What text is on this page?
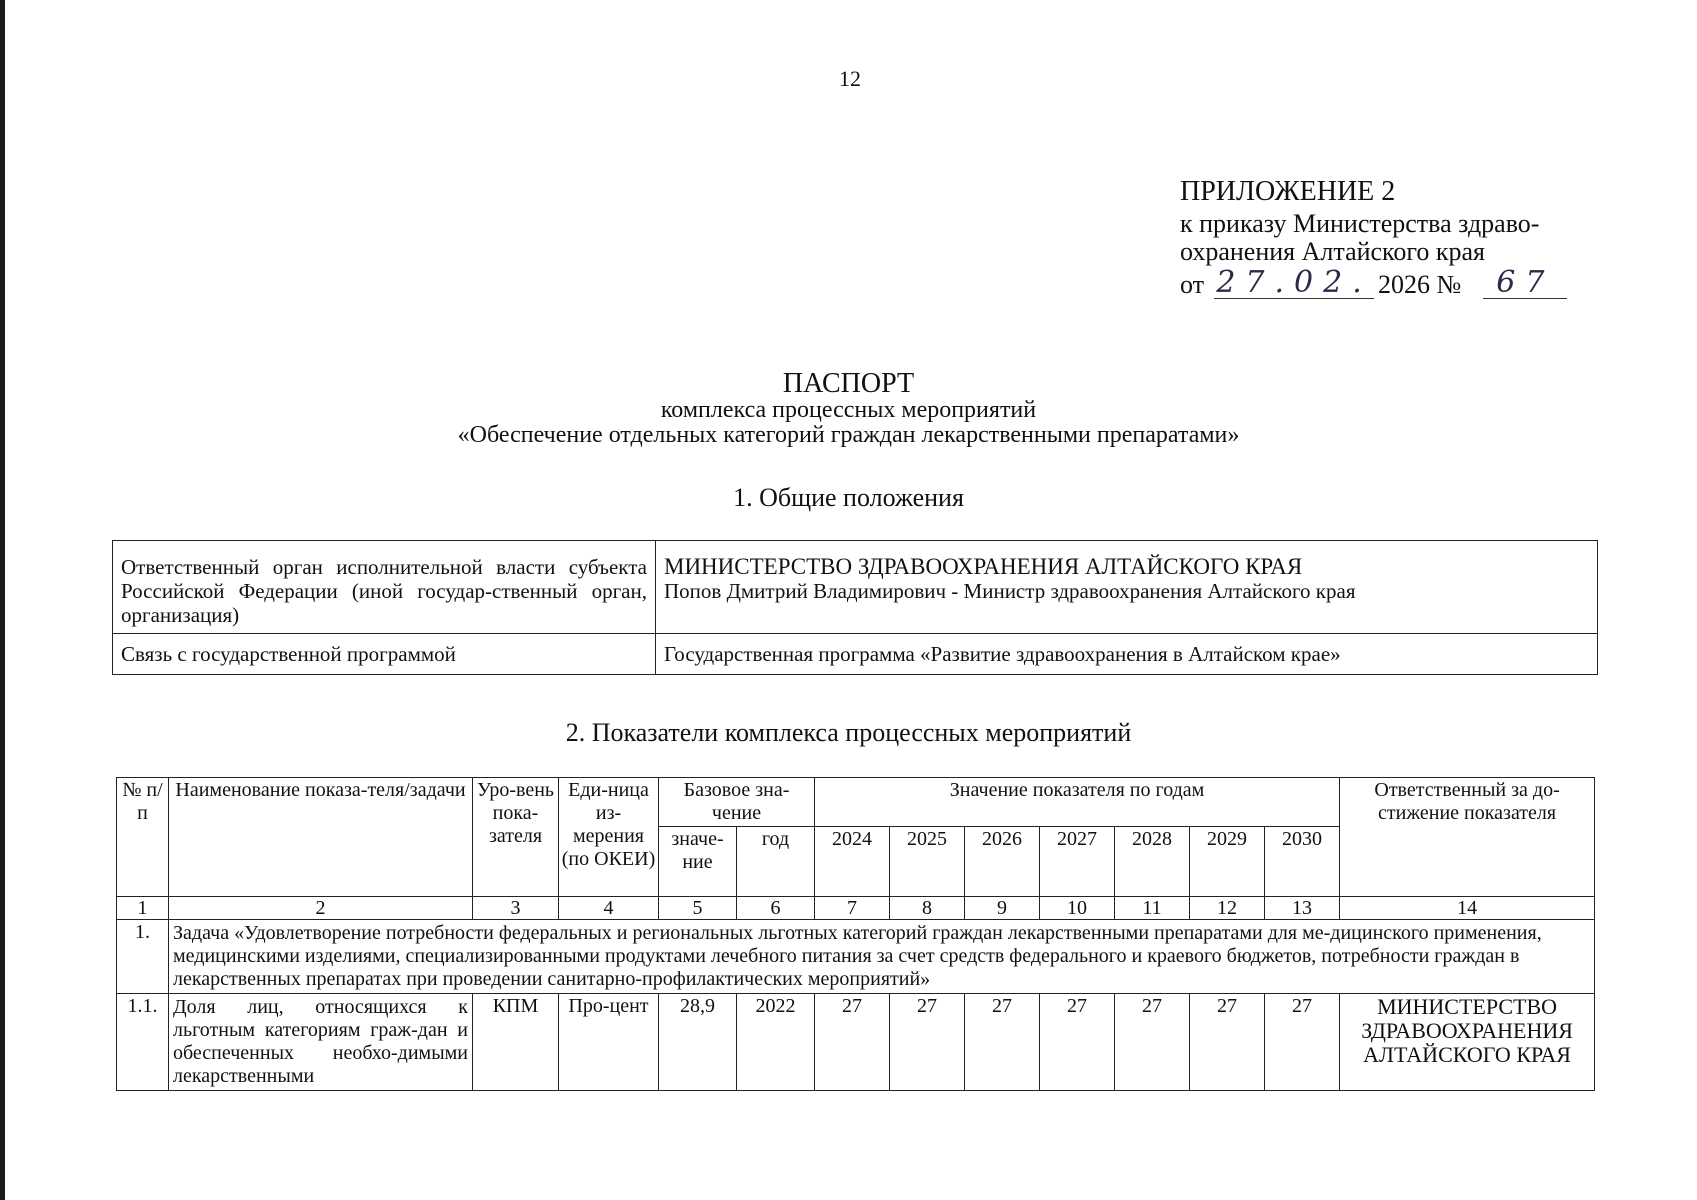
12
ПРИЛОЖЕНИЕ 2
к приказу Министерства здраво-
охранения Алтайского края
от 27.02. 2026 №	67
ПАСПОРТ
комплекса процессных мероприятий
«Обеспечение отдельных категорий граждан лекарственными препаратами»
1. Общие положения
Ответственный орган исполнительной власти субъекта Российской Федерации (иной государ-ственный орган, организация)	МИНИСТЕРСТВО ЗДРАВООХРАНЕНИЯ АЛТАЙСКОГО КРАЯ
Попов Дмитрий Владимирович - Министр здравоохранения Алтайского края

Связь с государственной программой	Государственная программа «Развитие здравоохранения в Алтайском крае»
2. Показатели комплекса процессных мероприятий
№ п/п	Наименование показа-теля/задачи	Уро-вень пока-зателя	Еди-ница из-мерения (по ОКЕИ)	Базовое зна-чение		Значение показателя по годам							Ответственный за до-стижение показателя
				значе-ние	год	2024	2025	2026	2027	2028	2029	2030	
1	2	3	4	5	6	7	8	9	10	11	12	13	14
1.	Задача «Удовлетворение потребности федеральных и региональных льготных категорий граждан лекарственными препаратами для ме-дицинского применения, медицинскими изделиями, специализированными продуктами лечебного питания за счет средств федерального и краевого бюджетов, потребности граждан в лекарственных препаратах при проведении санитарно-профилактических мероприятий»												
1.1.	Доля лиц, относящихся к льготным категориям граж-дан и обеспеченных необхо-димыми лекарственными	КПМ	Про-цент	28,9	2022	27	27	27	27	27	27	27	МИНИСТЕРСТВО ЗДРАВООХРАНЕНИЯ АЛТАЙСКОГО КРАЯ
